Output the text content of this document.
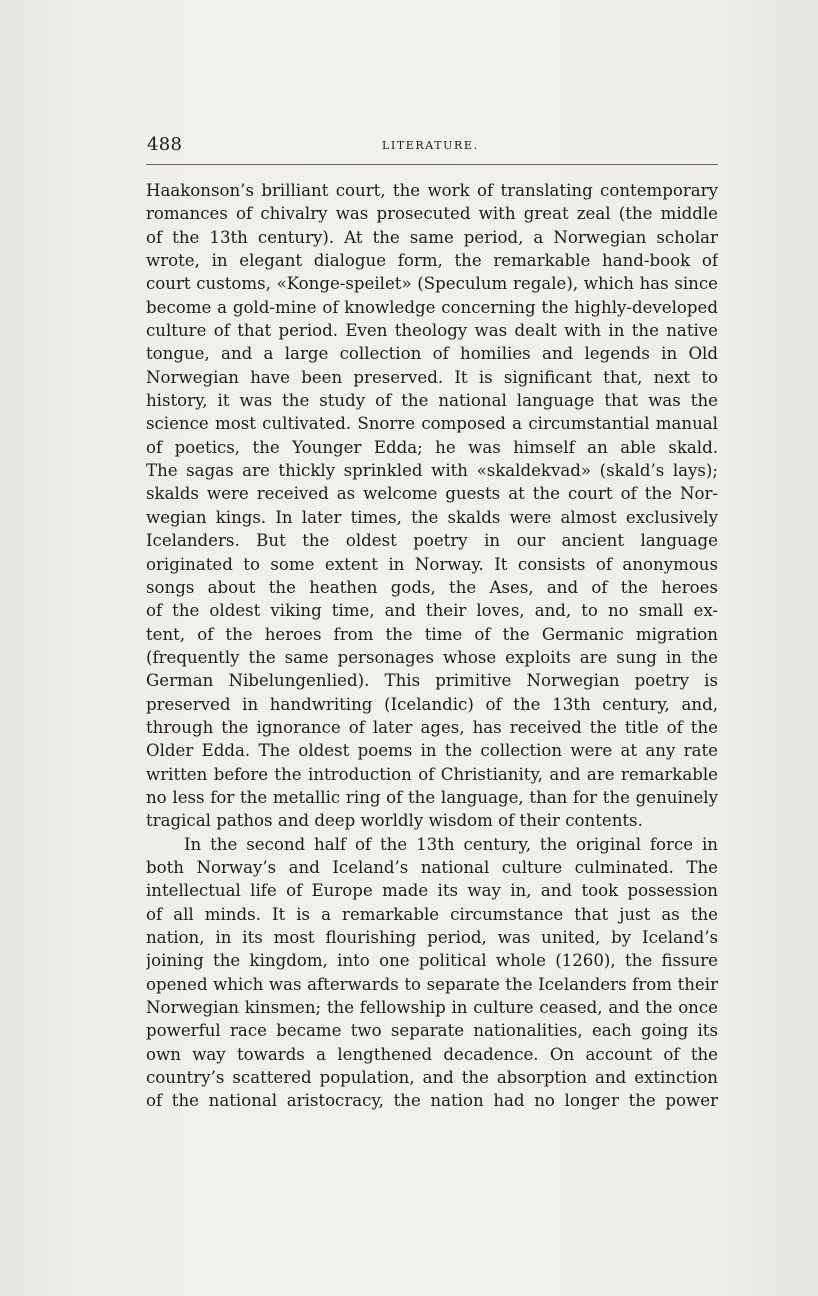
488	LITERATURE.
Haakonson’s brilliant court, the work of translating contemporary
romances of chivalry was prosecuted with great zeal (the middle
of the 13th century). At the same period, a Norwegian scholar
wrote, in elegant dialogue form, the remarkable hand-book of
court customs, «Konge-speilet» (Speculum regale), which has since
become a gold-mine of knowledge concerning the highly-developed
culture of that period. Even theology was dealt with in the native
tongue, and a large collection of homilies and legends in Old
Norwegian have been preserved. It is significant that, next to
history, it was the study of the national language that was the
science most cultivated. Snorre composed a circumstantial manual
of poetics, the Younger Edda; he was himself an able skald.
The sagas are thickly sprinkled with «skaldekvad» (skald’s lays);
skalds were received as welcome guests at the court of the Nor-
wegian kings. In later times, the skalds were almost exclusively
Icelanders. But the oldest poetry in our ancient language
originated to some extent in Norway. It consists of anonymous
songs about the heathen gods, the Ases, and of the heroes
of the oldest viking time, and their loves, and, to no small ex-
tent, of the heroes from the time of the Germanic migration
(frequently the same personages whose exploits are sung in the
German Nibelungenlied). This primitive Norwegian poetry is
preserved in handwriting (Icelandic) of the 13th century, and,
through the ignorance of later ages, has received the title of the
Older Edda. The oldest poems in the collection were at any rate
written before the introduction of Christianity, and are remarkable
no less for the metallic ring of the language, than for the genuinely
tragical pathos and deep worldly wisdom of their contents.
In the second half of the 13th century, the original force in
both Norway’s and Iceland’s national culture culminated. The
intellectual life of Europe made its way in, and took possession
of all minds. It is a remarkable circumstance that just as the
nation, in its most flourishing period, was united, by Iceland’s
joining the kingdom, into one political whole (1260), the fissure
opened which was afterwards to separate the Icelanders from their
Norwegian kinsmen; the fellowship in culture ceased, and the once
powerful race became two separate nationalities, each going its
own way towards a lengthened decadence. On account of the
country’s scattered population, and the absorption and extinction
of the national aristocracy, the nation had no longer the power
